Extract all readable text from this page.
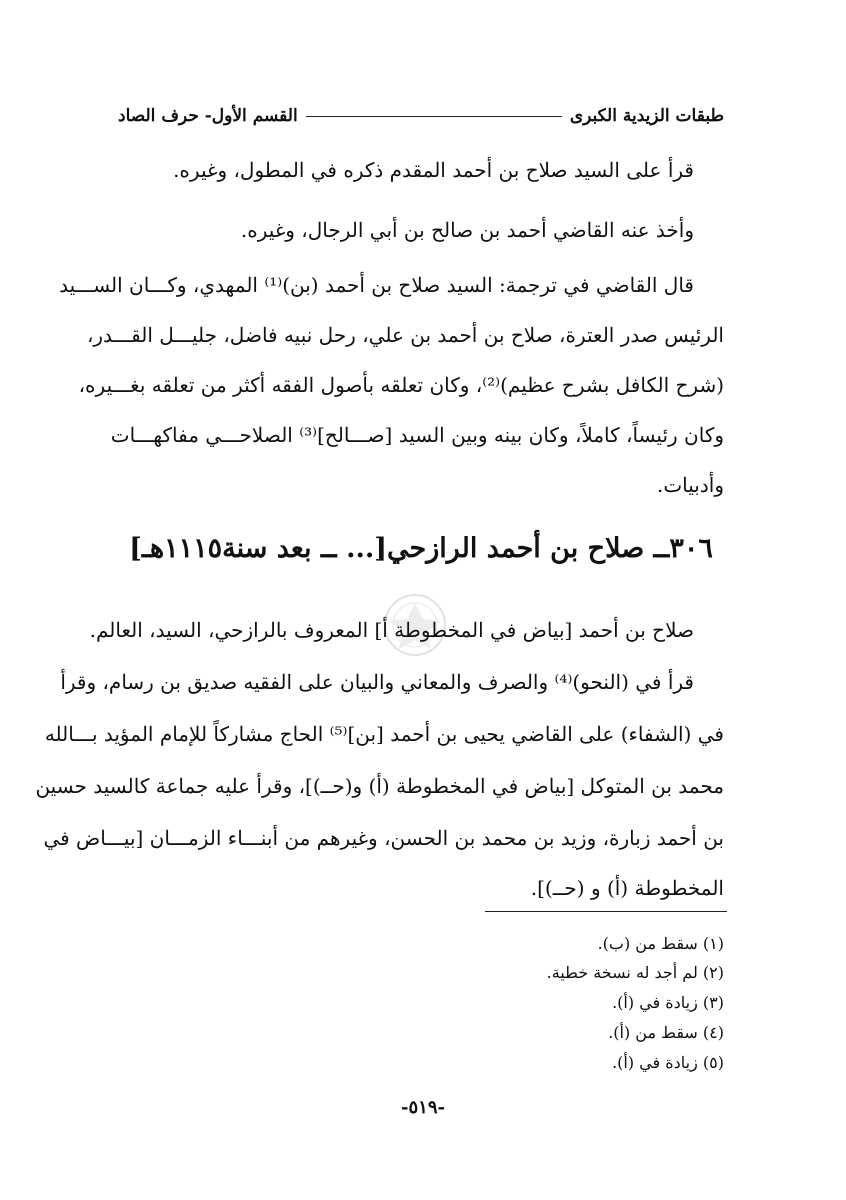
طبقات الزيدية الكبرى
القسم الأول- حرف الصاد
قرأ على السيد صلاح بن أحمد المقدم ذكره في المطول، وغيره.
وأخذ عنه القاضي أحمد بن صالح بن أبي الرجال، وغيره.
قال القاضي في ترجمة: السيد صلاح بن أحمد (بن)⁽¹⁾ المهدي، وكـــان الســـيد
الرئيس صدر العترة، صلاح بن أحمد بن علي، رحل نبيه فاضل، جليـــل القـــدر،
(شرح الكافل بشرح عظيم)⁽²⁾، وكان تعلقه بأصول الفقه أكثر من تعلقه بغـــيره،
وكان رئيساً، كاملاً، وكان بينه وبين السيد [صـــالح]⁽³⁾ الصلاحـــي مفاكهـــات
وأدبيات.
٣٠٦ــ صلاح بن أحمد الرازحي[... ــ بعد سنة١١١٥هـ]
صلاح بن أحمد [بياض في المخطوطة أ] المعروف بالرازحي، السيد، العالم.
قرأ في (النحو)⁽⁴⁾ والصرف والمعاني والبيان على الفقيه صديق بن رسام، وقرأ
في (الشفاء) على القاضي يحيى بن أحمد [بن]⁽⁵⁾ الحاج مشاركاً للإمام المؤيد بـــالله
محمد بن المتوكل [بياض في المخطوطة (أ) و(حــ)]، وقرأ عليه جماعة كالسيد حسين
بن أحمد زبارة، وزيد بن محمد بن الحسن، وغيرهم من أبنـــاء الزمـــان [بيـــاض في
المخطوطة (أ) و (حــ)].
(١) سقط من (ب).
(٢) لم أجد له نسخة خطية.
(٣) زيادة في (أ).
(٤) سقط من (أ).
(٥) زيادة في (أ).
-٥١٩-
